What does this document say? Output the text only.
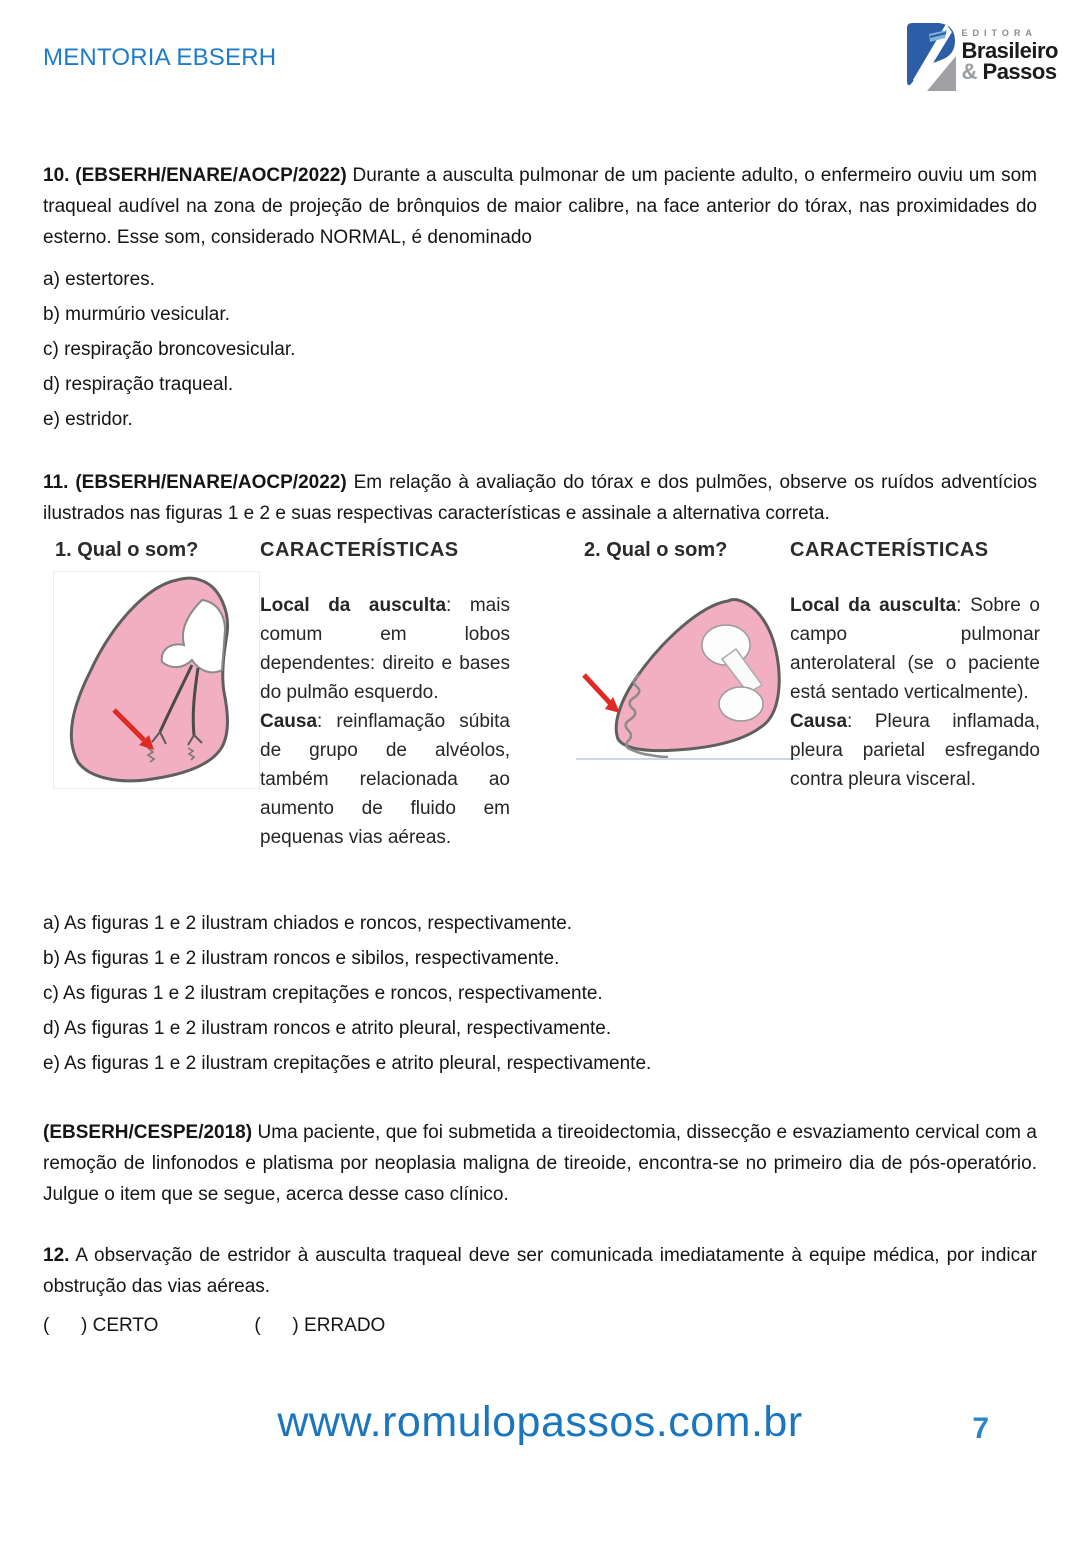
MENTORIA EBSERH
EDITORA
Brasileiro
& Passos

10. (EBSERH/ENARE/AOCP/2022) Durante a ausculta pulmonar de um paciente adulto, o enfermeiro ouviu um som traqueal audível na zona de projeção de brônquios de maior calibre, na face anterior do tórax, nas proximidades do esterno. Esse som, considerado NORMAL, é denominado

a) estertores.
b) murmúrio vesicular.
c) respiração broncovesicular.
d) respiração traqueal.
e) estridor.

11. (EBSERH/ENARE/AOCP/2022) Em relação à avaliação do tórax e dos pulmões, observe os ruídos adventícios ilustrados nas figuras 1 e 2 e suas respectivas características e assinale a alternativa correta.

1. Qual o som?	CARACTERÍSTICAS

Local da ausculta: mais comum em lobos dependentes: direito e bases do pulmão esquerdo.

Causa: reinflamação súbita de grupo de alvéolos, também relacionada ao aumento de fluido em pequenas vias aéreas.

2. Qual o som?	CARACTERÍSTICAS

Local da ausculta: Sobre o campo pulmonar anterolateral (se o paciente está sentado verticalmente).

Causa: Pleura inflamada, pleura parietal esfregando contra pleura visceral.

a) As figuras 1 e 2 ilustram chiados e roncos, respectivamente.
b) As figuras 1 e 2 ilustram roncos e sibilos, respectivamente.
c) As figuras 1 e 2 ilustram crepitações e roncos, respectivamente.
d) As figuras 1 e 2 ilustram roncos e atrito pleural, respectivamente.
e) As figuras 1 e 2 ilustram crepitações e atrito pleural, respectivamente.

(EBSERH/CESPE/2018) Uma paciente, que foi submetida a tireoidectomia, dissecção e esvaziamento cervical com a remoção de linfonodos e platisma por neoplasia maligna de tireoide, encontra-se no primeiro dia de pós-operatório. Julgue o item que se segue, acerca desse caso clínico.

12. A observação de estridor à ausculta traqueal deve ser comunicada imediatamente à equipe médica, por indicar obstrução das vias aéreas.

(      ) CERTO	(      ) ERRADO
www.romulopassos.com.br	7
